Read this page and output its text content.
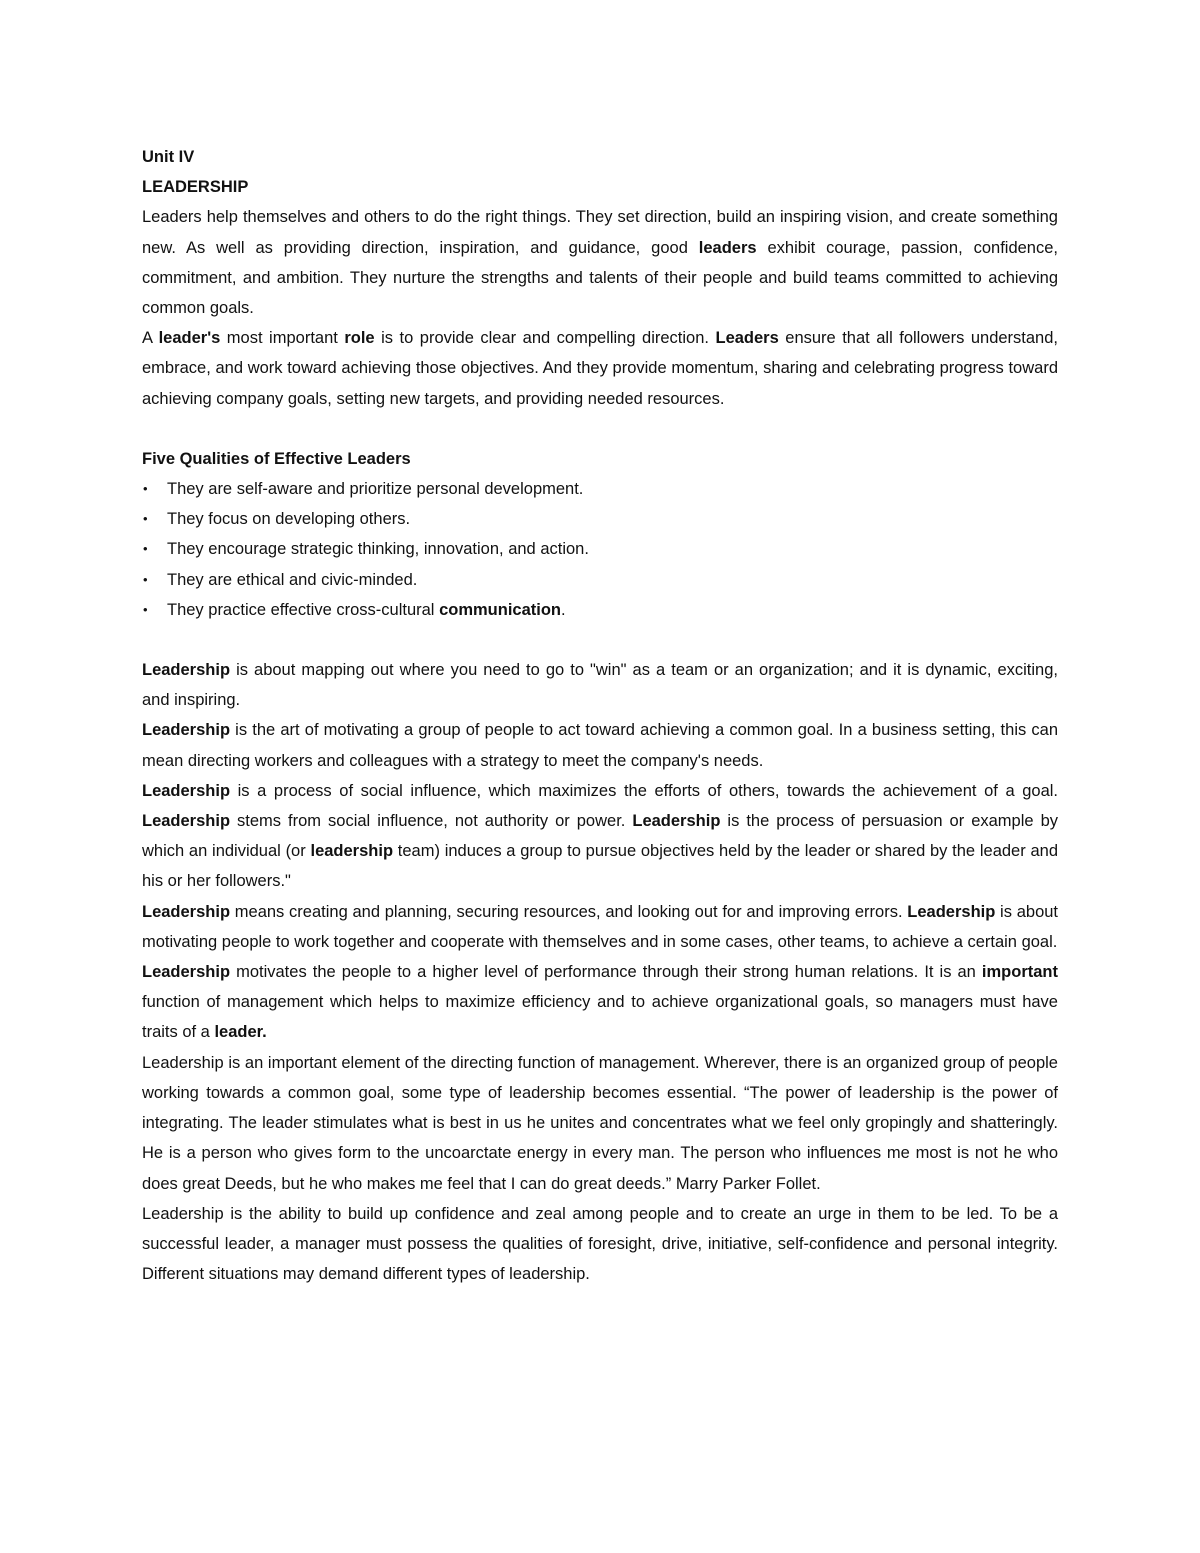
Unit IV

LEADERSHIP

Leaders help themselves and others to do the right things. They set direction, build an inspiring vision, and create something new. As well as providing direction, inspiration, and guidance, good leaders exhibit courage, passion, confidence, commitment, and ambition. They nurture the strengths and talents of their people and build teams committed to achieving common goals.

A leader's most important role is to provide clear and compelling direction. Leaders ensure that all followers understand, embrace, and work toward achieving those objectives. And they provide momentum, sharing and celebrating progress toward achieving company goals, setting new targets, and providing needed resources.

Five Qualities of Effective Leaders

• They are self-aware and prioritize personal development.
• They focus on developing others.
• They encourage strategic thinking, innovation, and action.
• They are ethical and civic-minded.
• They practice effective cross-cultural communication.

Leadership is about mapping out where you need to go to "win" as a team or an organization; and it is dynamic, exciting, and inspiring.

Leadership is the art of motivating a group of people to act toward achieving a common goal. In a business setting, this can mean directing workers and colleagues with a strategy to meet the company's needs.

Leadership is a process of social influence, which maximizes the efforts of others, towards the achievement of a goal. Leadership stems from social influence, not authority or power. Leadership is the process of persuasion or example by which an individual (or leadership team) induces a group to pursue objectives held by the leader or shared by the leader and his or her followers."

Leadership means creating and planning, securing resources, and looking out for and improving errors. Leadership is about motivating people to work together and cooperate with themselves and in some cases, other teams, to achieve a certain goal.

Leadership motivates the people to a higher level of performance through their strong human relations. It is an important function of management which helps to maximize efficiency and to achieve organizational goals, so managers must have traits of a leader.

Leadership is an important element of the directing function of management. Wherever, there is an organized group of people working towards a common goal, some type of leadership becomes essential. “The power of leadership is the power of integrating. The leader stimulates what is best in us he unites and concentrates what we feel only gropingly and shatteringly. He is a person who gives form to the uncoarctate energy in every man. The person who influences me most is not he who does great Deeds, but he who makes me feel that I can do great deeds.” Marry Parker Follet.

Leadership is the ability to build up confidence and zeal among people and to create an urge in them to be led. To be a successful leader, a manager must possess the qualities of foresight, drive, initiative, self-confidence and personal integrity. Different situations may demand different types of leadership.
